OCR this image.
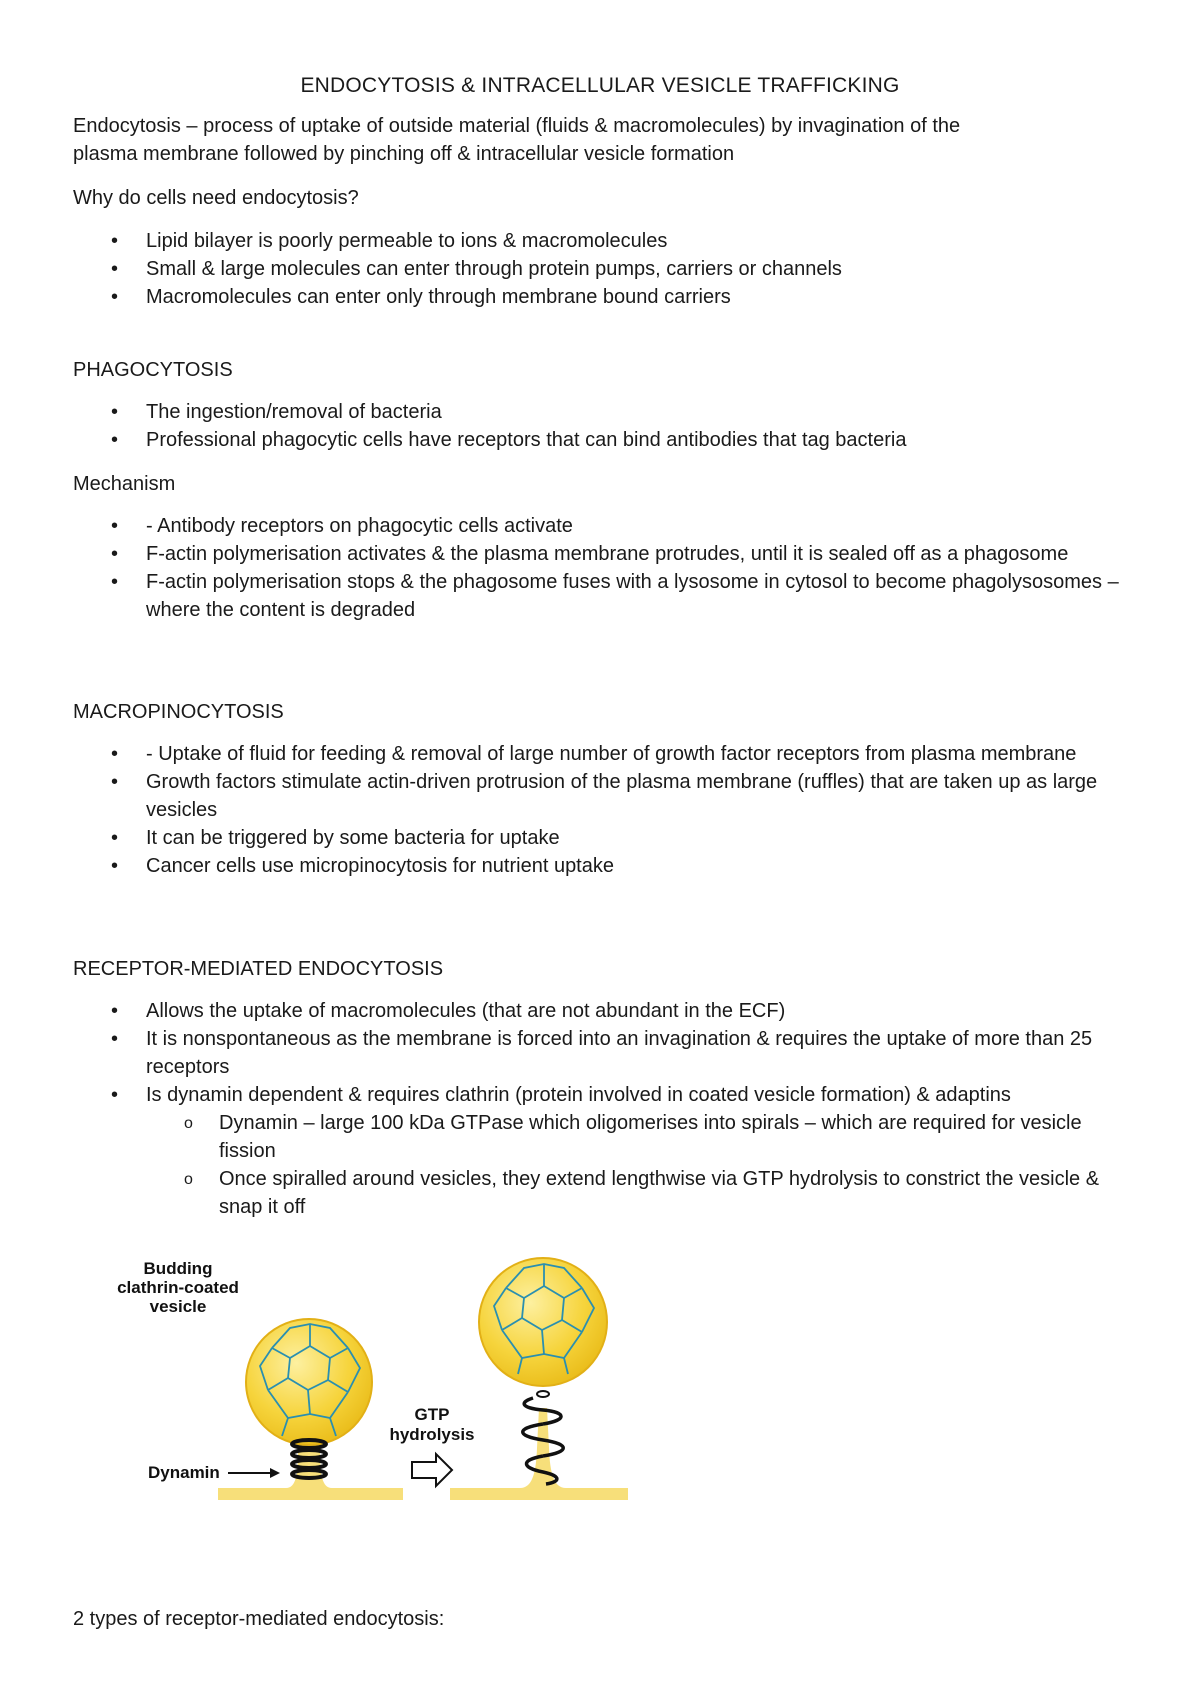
ENDOCYTOSIS & INTRACELLULAR VESICLE TRAFFICKING
Endocytosis – process of uptake of outside material (fluids & macromolecules) by invagination of the
plasma membrane followed by pinching off & intracellular vesicle formation
Why do cells need endocytosis?
• Lipid bilayer is poorly permeable to ions & macromolecules
• Small & large molecules can enter through protein pumps, carriers or channels
• Macromolecules can enter only through membrane bound carriers
PHAGOCYTOSIS
• The ingestion/removal of bacteria
• Professional phagocytic cells have receptors that can bind antibodies that tag bacteria
Mechanism
• - Antibody receptors on phagocytic cells activate
• F-actin polymerisation activates & the plasma membrane protrudes, until it is sealed off as a phagosome
• F-actin polymerisation stops & the phagosome fuses with a lysosome in cytosol to become phagolysosomes – where the content is degraded
MACROPINOCYTOSIS
• - Uptake of fluid for feeding & removal of large number of growth factor receptors from plasma membrane
• Growth factors stimulate actin-driven protrusion of the plasma membrane (ruffles) that are taken up as large vesicles
• It can be triggered by some bacteria for uptake
• Cancer cells use micropinocytosis for nutrient uptake
RECEPTOR-MEDIATED ENDOCYTOSIS
• Allows the uptake of macromolecules (that are not abundant in the ECF)
• It is nonspontaneous as the membrane is forced into an invagination & requires the uptake of more than 25 receptors
• Is dynamin dependent & requires clathrin (protein involved in coated vesicle formation) & adaptins
o Dynamin – large 100 kDa GTPase which oligomerises into spirals – which are required for vesicle fission
o Once spiralled around vesicles, they extend lengthwise via GTP hydrolysis to constrict the vesicle & snap it off
Budding
clathrin-coated
vesicle
Dynamin
GTP
hydrolysis
2 types of receptor-mediated endocytosis:
